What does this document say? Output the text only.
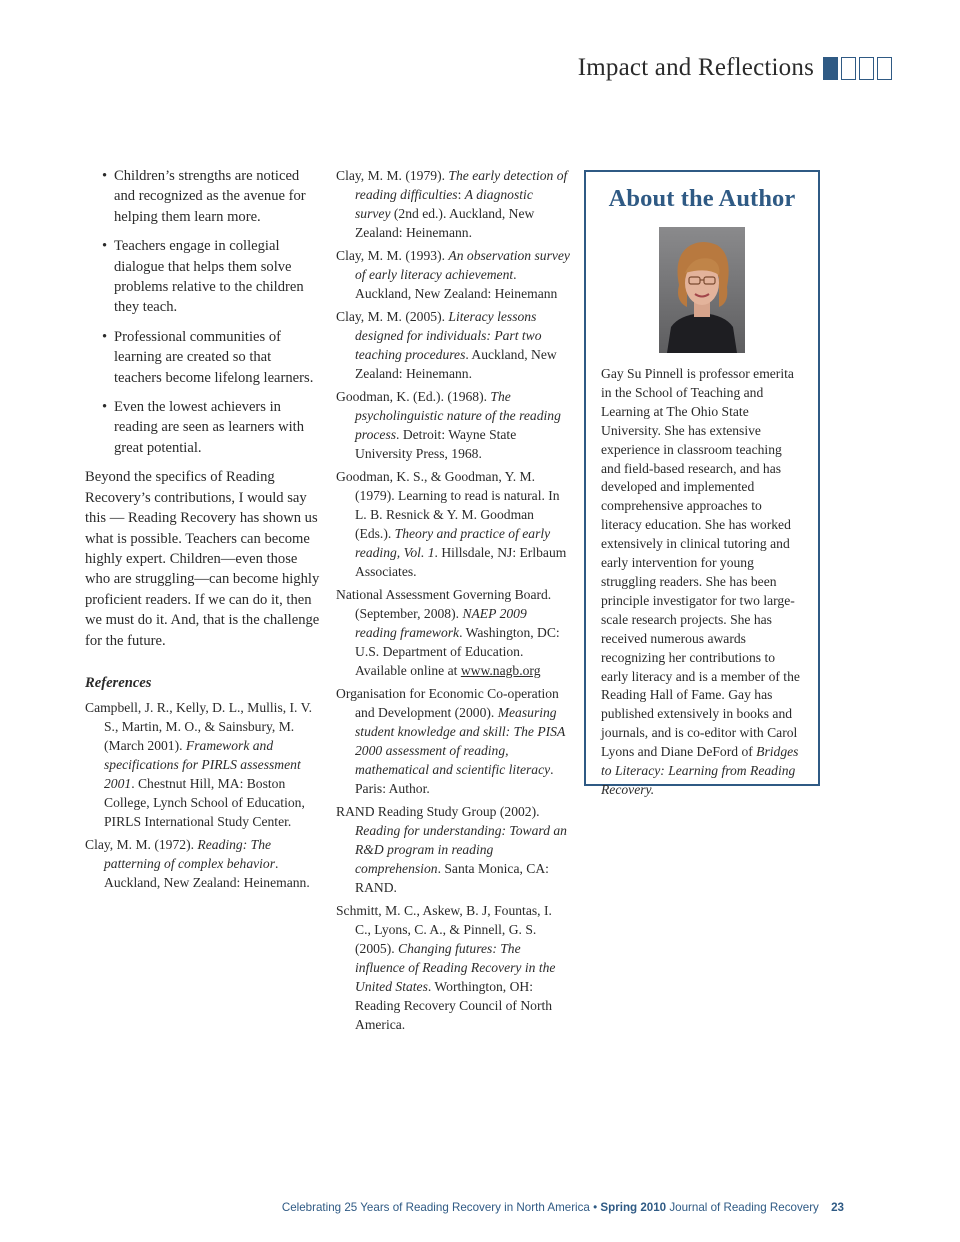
Impact and Reflections
• Children’s strengths are noticed and recognized as the avenue for helping them learn more.
• Teachers engage in collegial dialogue that helps them solve problems relative to the children they teach.
• Professional communities of learning are created so that teachers become lifelong learners.
• Even the lowest achievers in reading are seen as learners with great potential.

Beyond the specifics of Reading Recovery’s contributions, I would say this — Reading Recovery has shown us what is possible. Teachers can become highly expert. Children—even those who are struggling—can become highly proficient readers. If we can do it, then we must do it. And, that is the challenge for the future.

References

Campbell, J. R., Kelly, D. L., Mullis, I. V. S., Martin, M. O., & Sainsbury, M. (March 2001). Framework and specifications for PIRLS assessment 2001. Chestnut Hill, MA: Boston College, Lynch School of Education, PIRLS International Study Center.

Clay, M. M. (1972). Reading: The patterning of complex behavior. Auckland, New Zealand: Heinemann.

Clay, M. M. (1979). The early detection of reading difficulties: A diagnostic survey (2nd ed.). Auckland, New Zealand: Heinemann.

Clay, M. M. (1993). An observation survey of early literacy achievement. Auckland, New Zealand: Heinemann

Clay, M. M. (2005). Literacy lessons designed for individuals: Part two teaching procedures. Auckland, New Zealand: Heinemann.

Goodman, K. (Ed.). (1968). The psycholinguistic nature of the reading process. Detroit: Wayne State University Press, 1968.

Goodman, K. S., & Goodman, Y. M. (1979). Learning to read is natural. In L. B. Resnick & Y. M. Goodman (Eds.). Theory and practice of early reading, Vol. 1. Hillsdale, NJ: Erlbaum Associates.

National Assessment Governing Board. (September, 2008). NAEP 2009 reading framework. Washington, DC: U.S. Department of Education. Available online at www.nagb.org

Organisation for Economic Co-operation and Development (2000). Measuring student knowledge and skill: The PISA 2000 assessment of reading, mathematical and scientific literacy. Paris: Author.

RAND Reading Study Group (2002). Reading for understanding: Toward an R&D program in reading comprehension. Santa Monica, CA: RAND.

Schmitt, M. C., Askew, B. J, Fountas, I. C., Lyons, C. A., & Pinnell, G. S. (2005). Changing futures: The influence of Reading Recovery in the United States. Worthington, OH: Reading Recovery Council of North America.

About the Author

Gay Su Pinnell is professor emerita in the School of Teaching and Learning at The Ohio State University. She has extensive experience in classroom teaching and field-based research, and has developed and implemented comprehensive approaches to literacy education. She has worked extensively in clinical tutoring and early intervention for young struggling readers. She has been principle investigator for two large-scale research projects. She has received numerous awards recognizing her contributions to early literacy and is a member of the Reading Hall of Fame. Gay has published extensively in books and journals, and is co-editor with Carol Lyons and Diane DeFord of Bridges to Literacy: Learning from Reading Recovery.

Celebrating 25 Years of Reading Recovery in North America • Spring 2010 Journal of Reading Recovery 23
